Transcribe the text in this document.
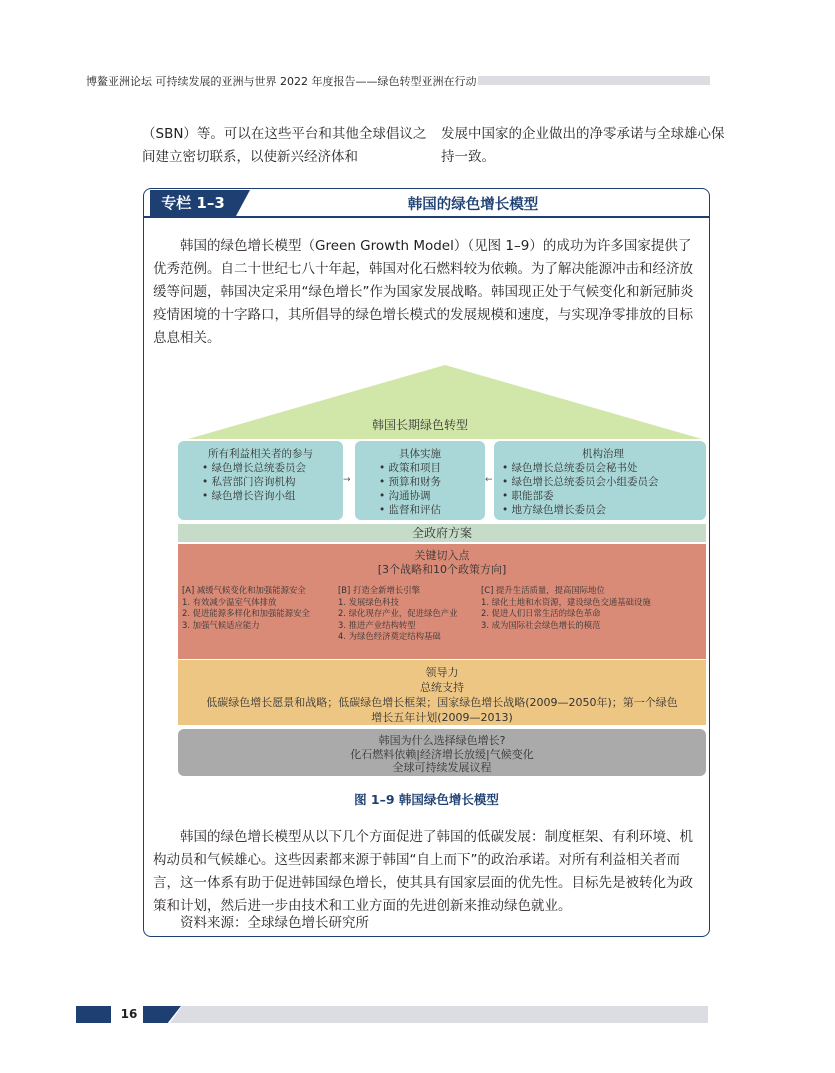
博鳌亚洲论坛 可持续发展的亚洲与世界 2022 年度报告——绿色转型亚洲在行动
（SBN）等。可以在这些平台和其他全球倡议之间建立密切联系，以使新兴经济体和
发展中国家的企业做出的净零承诺与全球雄心保持一致。
专栏 1–3	韩国的绿色增长模型
韩国的绿色增长模型（Green Growth Model）（见图 1–9）的成功为许多国家提供了优秀范例。自二十世纪七八十年起，韩国对化石燃料较为依赖。为了解决能源冲击和经济放缓等问题，韩国决定采用“绿色增长”作为国家发展战略。韩国现正处于气候变化和新冠肺炎疫情困境的十字路口，其所倡导的绿色增长模式的发展规模和速度，与实现净零排放的目标息息相关。
韩国长期绿色转型
所有利益相关者的参与
• 绿色增长总统委员会
• 私营部门咨询机构
• 绿色增长咨询小组
→
具体实施
• 政策和项目
• 预算和财务
• 沟通协调
• 监督和评估
←
机构治理
• 绿色增长总统委员会秘书处
• 绿色增长总统委员会小组委员会
• 职能部委
• 地方绿色增长委员会
全政府方案
关键切入点
[3个战略和10个政策方向]
[A] 减缓气候变化和加强能源安全
1. 有效减少温室气体排放
2. 促进能源多样化和加强能源安全
3. 加强气候适应能力
[B] 打造全新增长引擎
1. 发展绿色科技
2. 绿化现存产业，促进绿色产业
3. 推进产业结构转型
4. 为绿色经济奠定结构基础
[C] 提升生活质量，提高国际地位
1. 绿化土地和水资源，建设绿色交通基础设施
2. 促进人们日常生活的绿色革命
3. 成为国际社会绿色增长的模范
领导力
总统支持
低碳绿色增长愿景和战略；低碳绿色增长框架；国家绿色增长战略(2009—2050年)；第一个绿色
增长五年计划(2009—2013)
韩国为什么选择绿色增长?
化石燃料依赖|经济增长放缓|气候变化
全球可持续发展议程
图 1–9 韩国绿色增长模型
韩国的绿色增长模型从以下几个方面促进了韩国的低碳发展：制度框架、有利环境、机构动员和气候雄心。这些因素都来源于韩国“自上而下”的政治承诺。对所有利益相关者而言，这一体系有助于促进韩国绿色增长，使其具有国家层面的优先性。目标先是被转化为政策和计划，然后进一步由技术和工业方面的先进创新来推动绿色就业。
资料来源：全球绿色增长研究所
16
